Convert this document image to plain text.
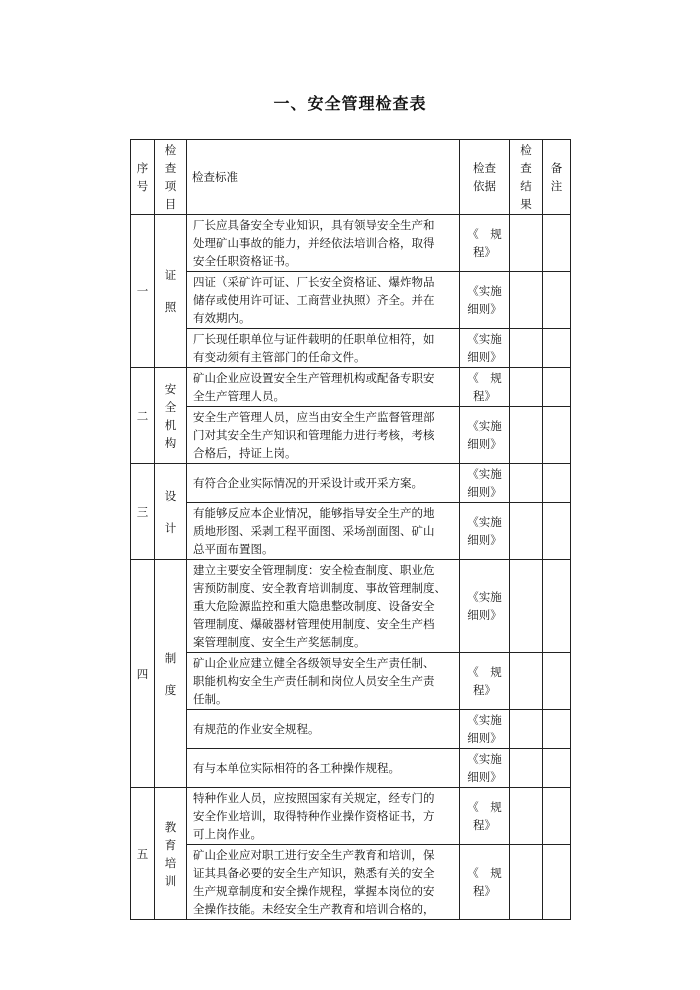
一、安全管理检查表
序
号	检
查
项
目	检查标准	检查
依据	检
查
结
果	备
注

一	证
照	厂长应具备安全专业知识，具有领导安全生产和
处理矿山事故的能力，并经依法培训合格，取得
安全任职资格证书。	《　规
程》		

		四证（采矿许可证、厂长安全资格证、爆炸物品
储存或使用许可证、工商营业执照）齐全。并在
有效期内。	《实施
细则》		

		厂长现任职单位与证件载明的任职单位相符，如
有变动须有主管部门的任命文件。	《实施
细则》		

二	安
全
机
构	矿山企业应设置安全生产管理机构或配备专职安
全生产管理人员。	《　规
程》		

		安全生产管理人员，应当由安全生产监督管理部
门对其安全生产知识和管理能力进行考核，考核
合格后，持证上岗。	《实施
细则》		

三	设
计	有符合企业实际情况的开采设计或开采方案。	《实施
细则》		

		有能够反应本企业情况，能够指导安全生产的地
质地形图、采剥工程平面图、采场剖面图、矿山
总平面布置图。	《实施
细则》		

四	制
度	建立主要安全管理制度：安全检查制度、职业危
害预防制度、安全教育培训制度、事故管理制度、
重大危险源监控和重大隐患整改制度、设备安全
管理制度、爆破器材管理使用制度、安全生产档
案管理制度、安全生产奖惩制度。	《实施
细则》		

		矿山企业应建立健全各级领导安全生产责任制、
职能机构安全生产责任制和岗位人员安全生产责
任制。	《　规
程》		

		有规范的作业安全规程。	《实施
细则》		

		有与本单位实际相符的各工种操作规程。	《实施
细则》		

五	教
育
培
训	特种作业人员，应按照国家有关规定，经专门的
安全作业培训，取得特种作业操作资格证书，方
可上岗作业。	《　规
程》		

		矿山企业应对职工进行安全生产教育和培训，保
证其具备必要的安全生产知识，熟悉有关的安全
生产规章制度和安全操作规程，掌握本岗位的安
全操作技能。未经安全生产教育和培训合格的，	《　规
程》		
